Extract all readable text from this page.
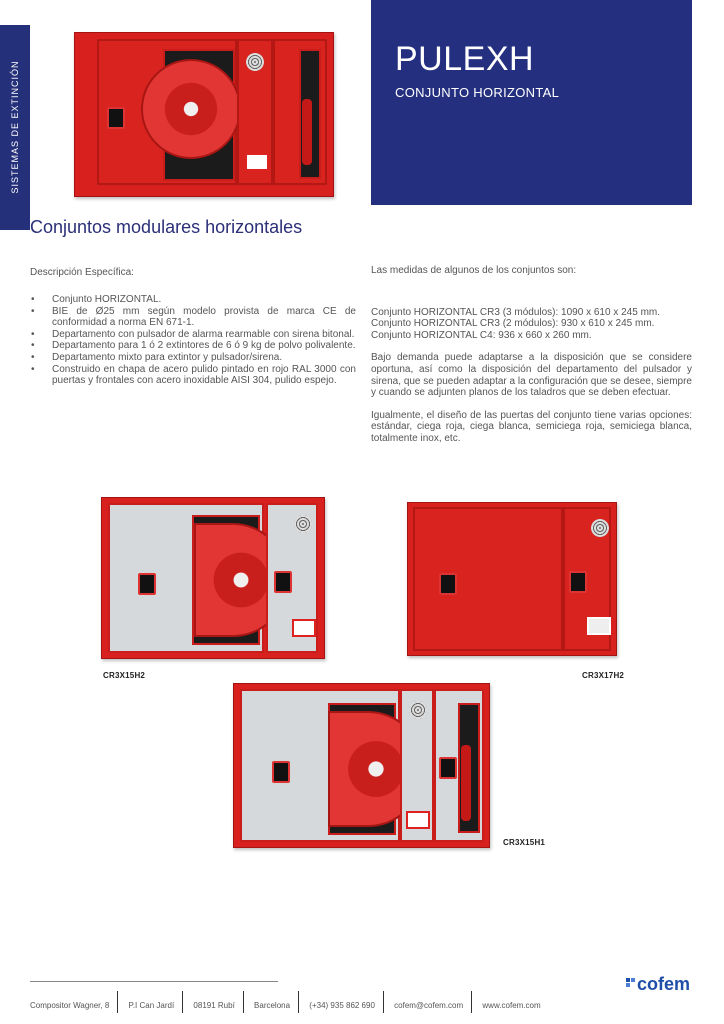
SISTEMAS DE EXTINCIÓN
PULEXH
CONJUNTO HORIZONTAL
Conjuntos modulares horizontales
Descripción Específica:
• Conjunto HORIZONTAL.
• BIE de Ø25 mm según modelo provista de marca CE de conformidad a norma EN 671-1.
• Departamento con pulsador de alarma rearmable con sirena bitonal.
• Departamento para 1 ó 2 extintores de 6 ó 9 kg de polvo polivalente.
• Departamento mixto para extintor y pulsador/sirena.
• Construido en chapa de acero pulido pintado en rojo RAL 3000 con puertas y frontales con acero inoxidable AISI 304, pulido espejo.

Las medidas de algunos de los conjuntos son:

Conjunto HORIZONTAL CR3 (3 módulos): 1090 x 610 x 245 mm.

Conjunto HORIZONTAL CR3 (2 módulos): 930 x 610 x 245 mm.

Conjunto HORIZONTAL C4: 936 x 660 x 260 mm.

Bajo demanda puede adaptarse a la disposición que se considere oportuna, así como la disposición del departamento del pulsador y sirena, que se pueden adaptar a la configuración que se desee, siempre y cuando se adjunten planos de los taladros que se deben efectuar.

Igualmente, el diseño de las puertas del conjunto tiene varias opciones: estándar, ciega roja, ciega blanca, semiciega roja, semiciega blanca, totalmente inox, etc.

CR3X15H2	CR3X17H2
CR3X15H1
Compositor Wagner, 8 P.I Can Jardí 08191 Rubí Barcelona (+34) 935 862 690 cofem@cofem.com www.cofem.com
cofem
